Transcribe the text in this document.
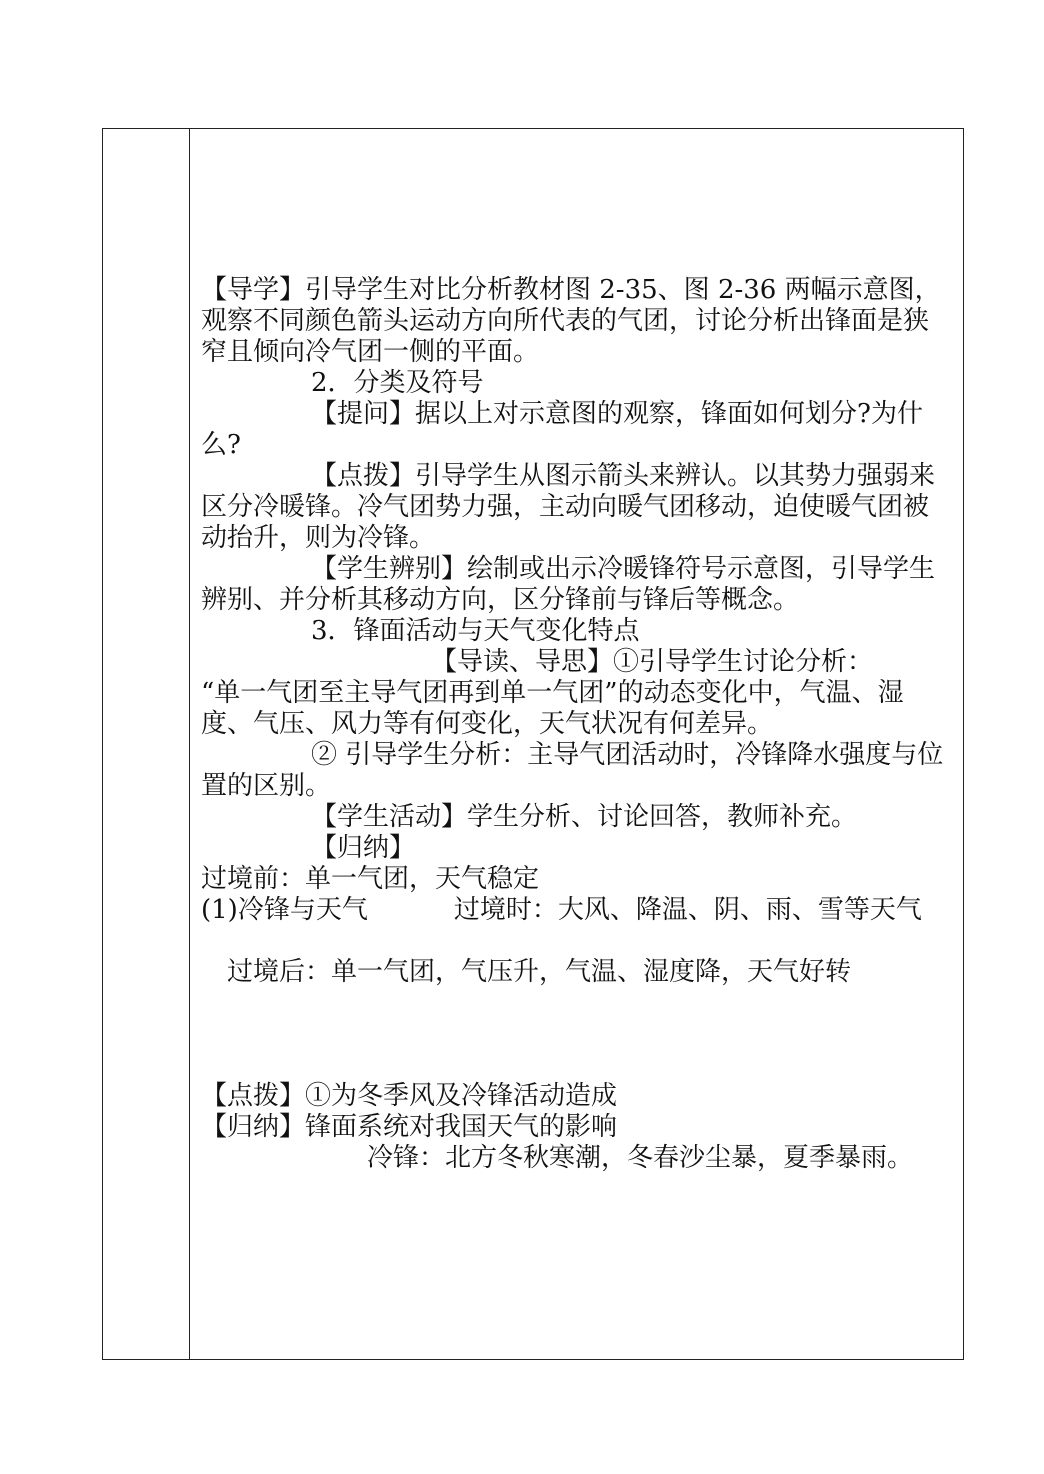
【导学】引导学生对比分析教材图 2-35、图 2-36 两幅示意图，观察不同颜色箭头运动方向所代表的气团，讨论分析出锋面是狭窄且倾向冷气团一侧的平面。

2．分类及符号

【提问】据以上对示意图的观察，锋面如何划分?为什么?

【点拨】引导学生从图示箭头来辨认。以其势力强弱来区分冷暖锋。冷气团势力强，主动向暖气团移动，迫使暖气团被动抬升，则为冷锋。

【学生辨别】绘制或出示冷暖锋符号示意图，引导学生辨别、并分析其移动方向，区分锋前与锋后等概念。

3．锋面活动与天气变化特点

【导读、导思】①引导学生讨论分析：

“单一气团至主导气团再到单一气团”的动态变化中，气温、湿度、气压、风力等有何变化，天气状况有何差异。

② 引导学生分析：主导气团活动时，冷锋降水强度与位置的区别。

【学生活动】学生分析、讨论回答，教师补充。

【归纳】

过境前：单一气团，天气稳定

(1)冷锋与天气	过境时：大风、降温、阴、雨、雪等天气

过境后：单一气团，气压升，气温、湿度降，天气好转

【点拨】①为冬季风及冷锋活动造成

【归纳】锋面系统对我国天气的影响

冷锋：北方冬秋寒潮，冬春沙尘暴，夏季暴雨。
